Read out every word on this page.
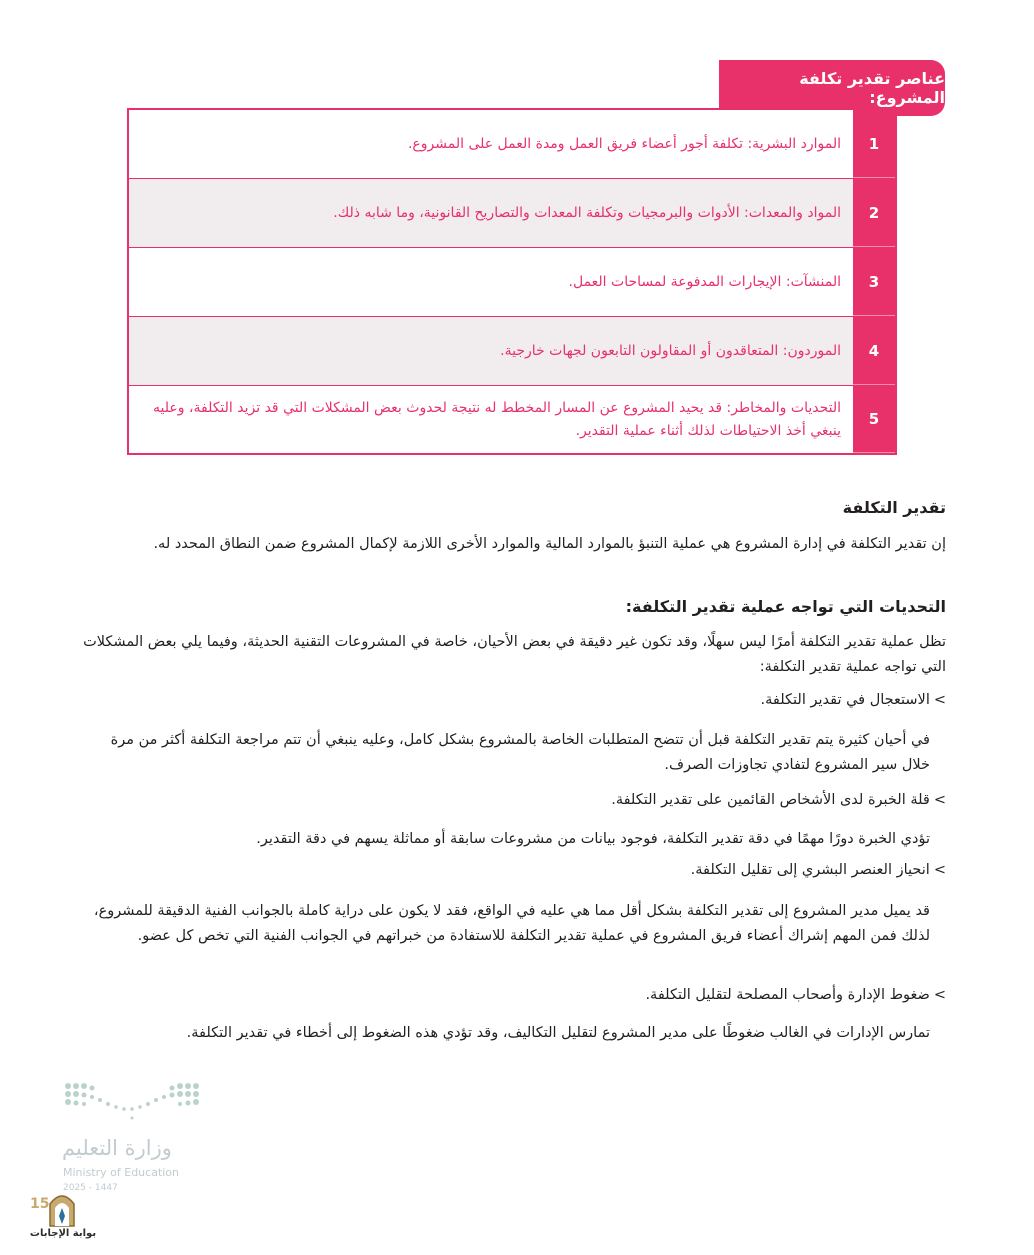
عناصر تقدير تكلفة المشروع:
1
الموارد البشرية: تكلفة أجور أعضاء فريق العمل ومدة العمل على المشروع.
2
المواد والمعدات: الأدوات والبرمجيات وتكلفة المعدات والتصاريح القانونية، وما شابه ذلك.
3
المنشآت: الإيجارات المدفوعة لمساحات العمل.
4
الموردون: المتعاقدون أو المقاولون التابعون لجهات خارجية.
5
التحديات والمخاطر: قد يحيد المشروع عن المسار المخطط له نتيجة لحدوث بعض المشكلات التي قد تزيد التكلفة، وعليه ينبغي أخذ الاحتياطات لذلك أثناء عملية التقدير.
تقدير التكلفة
إن تقدير التكلفة في إدارة المشروع هي عملية التنبؤ بالموارد المالية والموارد الأخرى اللازمة لإكمال المشروع ضمن النطاق المحدد له.
التحديات التي تواجه عملية تقدير التكلفة:
تظل عملية تقدير التكلفة أمرًا ليس سهلًا، وقد تكون غير دقيقة في بعض الأحيان، خاصة في المشروعات التقنية الحديثة، وفيما يلي بعض المشكلات التي تواجه عملية تقدير التكلفة:
>الاستعجال في تقدير التكلفة.
في أحيان كثيرة يتم تقدير التكلفة قبل أن تتضح المتطلبات الخاصة بالمشروع بشكل كامل، وعليه ينبغي أن تتم مراجعة التكلفة أكثر من مرة خلال سير المشروع لتفادي تجاوزات الصرف.
>قلة الخبرة لدى الأشخاص القائمين على تقدير التكلفة.
تؤدي الخبرة دورًا مهمًا في دقة تقدير التكلفة، فوجود بيانات من مشروعات سابقة أو مماثلة يسهم في دقة التقدير.
>انحياز العنصر البشري إلى تقليل التكلفة.
قد يميل مدير المشروع إلى تقدير التكلفة بشكل أقل مما هي عليه في الواقع، فقد لا يكون على دراية كاملة بالجوانب الفنية الدقيقة للمشروع، لذلك فمن المهم إشراك أعضاء فريق المشروع في عملية تقدير التكلفة للاستفادة من خبراتهم في الجوانب الفنية التي تخص كل عضو.
>ضغوط الإدارة وأصحاب المصلحة لتقليل التكلفة.
تمارس الإدارات في الغالب ضغوطًا على مدير المشروع لتقليل التكاليف، وقد تؤدي هذه الضغوط إلى أخطاء في تقدير التكلفة.
وزارة التعليم
Ministry of Education
2025 - 1447
15
بوابة الإجابات
